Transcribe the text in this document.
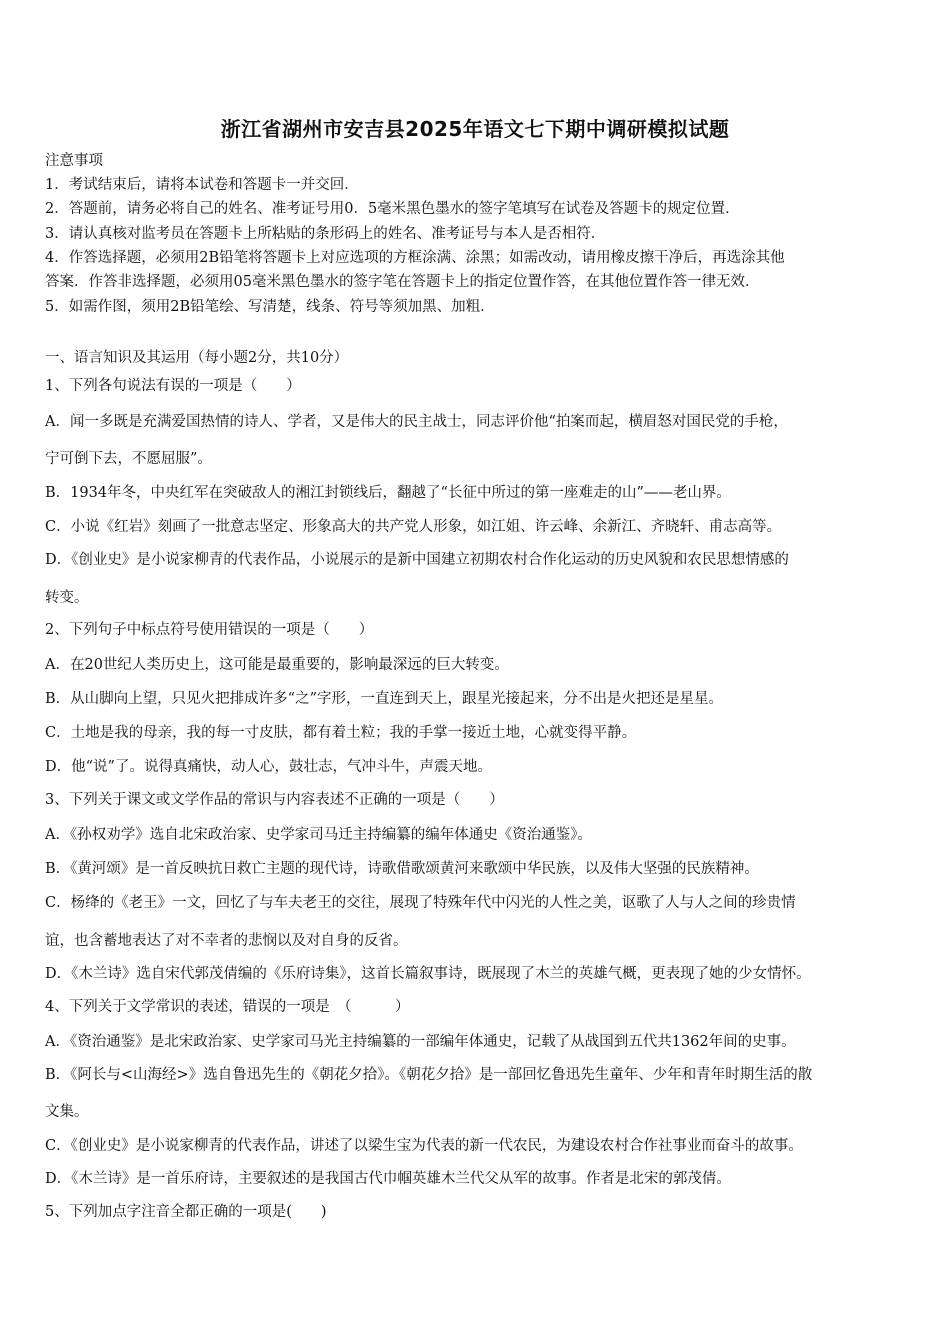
浙江省湖州市安吉县2025年语文七下期中调研模拟试题
注意事项
1．考试结束后，请将本试卷和答题卡一并交回．
2．答题前，请务必将自己的姓名、准考证号用0．5毫米黑色墨水的签字笔填写在试卷及答题卡的规定位置．
3．请认真核对监考员在答题卡上所粘贴的条形码上的姓名、准考证号与本人是否相符．
4．作答选择题，必须用2B铅笔将答题卡上对应选项的方框涂满、涂黑；如需改动，请用橡皮擦干净后，再选涂其他
答案．作答非选择题，必须用05毫米黑色墨水的签字笔在答题卡上的指定位置作答，在其他位置作答一律无效．
5．如需作图，须用2B铅笔绘、写清楚，线条、符号等须加黑、加粗．
一、语言知识及其运用（每小题2分，共10分）
1、下列各句说法有误的一项是（　　）
A．闻一多既是充满爱国热情的诗人、学者，又是伟大的民主战士，同志评价他“拍案而起，横眉怒对国民党的手枪，
宁可倒下去，不愿屈服”。
B．1934年冬，中央红军在突破敌人的湘江封锁线后，翻越了“长征中所过的第一座难走的山”——老山界。
C．小说《红岩》刻画了一批意志坚定、形象高大的共产党人形象，如江姐、许云峰、余新江、齐晓轩、甫志高等。
D．《创业史》是小说家柳青的代表作品，小说展示的是新中国建立初期农村合作化运动的历史风貌和农民思想情感的
转变。
2、下列句子中标点符号使用错误的一项是（　　）
A．在20世纪人类历史上，这可能是最重要的，影响最深远的巨大转变。
B．从山脚向上望，只见火把排成许多“之”字形，一直连到天上，跟星光接起来，分不出是火把还是星星。
C．土地是我的母亲，我的每一寸皮肤，都有着土粒；我的手掌一接近土地，心就变得平静。
D．他“说”了。说得真痛快，动人心，鼓壮志，气冲斗牛，声震天地。
3、下列关于课文或文学作品的常识与内容表述不正确的一项是（　　）
A．《孙权劝学》选自北宋政治家、史学家司马迁主持编纂的编年体通史《资治通鉴》。
B．《黄河颂》是一首反映抗日救亡主题的现代诗，诗歌借歌颂黄河来歌颂中华民族，以及伟大坚强的民族精神。
C．杨绛的《老王》一文，回忆了与车夫老王的交往，展现了特殊年代中闪光的人性之美，讴歌了人与人之间的珍贵情
谊，也含蓄地表达了对不幸者的悲悯以及对自身的反省。
D．《木兰诗》选自宋代郭茂倩编的《乐府诗集》，这首长篇叙事诗，既展现了木兰的英雄气概，更表现了她的少女情怀。
4、下列关于文学常识的表述，错误的一项是　（　　　）
A．《资治通鉴》是北宋政治家、史学家司马光主持编纂的一部编年体通史，记载了从战国到五代共1362年间的史事。
B．《阿长与<山海经>》选自鲁迅先生的《朝花夕拾》。《朝花夕拾》是一部回忆鲁迅先生童年、少年和青年时期生活的散
文集。
C．《创业史》是小说家柳青的代表作品，讲述了以梁生宝为代表的新一代农民，为建设农村合作社事业而奋斗的故事。
D．《木兰诗》是一首乐府诗，主要叙述的是我国古代巾帼英雄木兰代父从军的故事。作者是北宋的郭茂倩。
5、下列加点字注音全都正确的一项是(　　)
